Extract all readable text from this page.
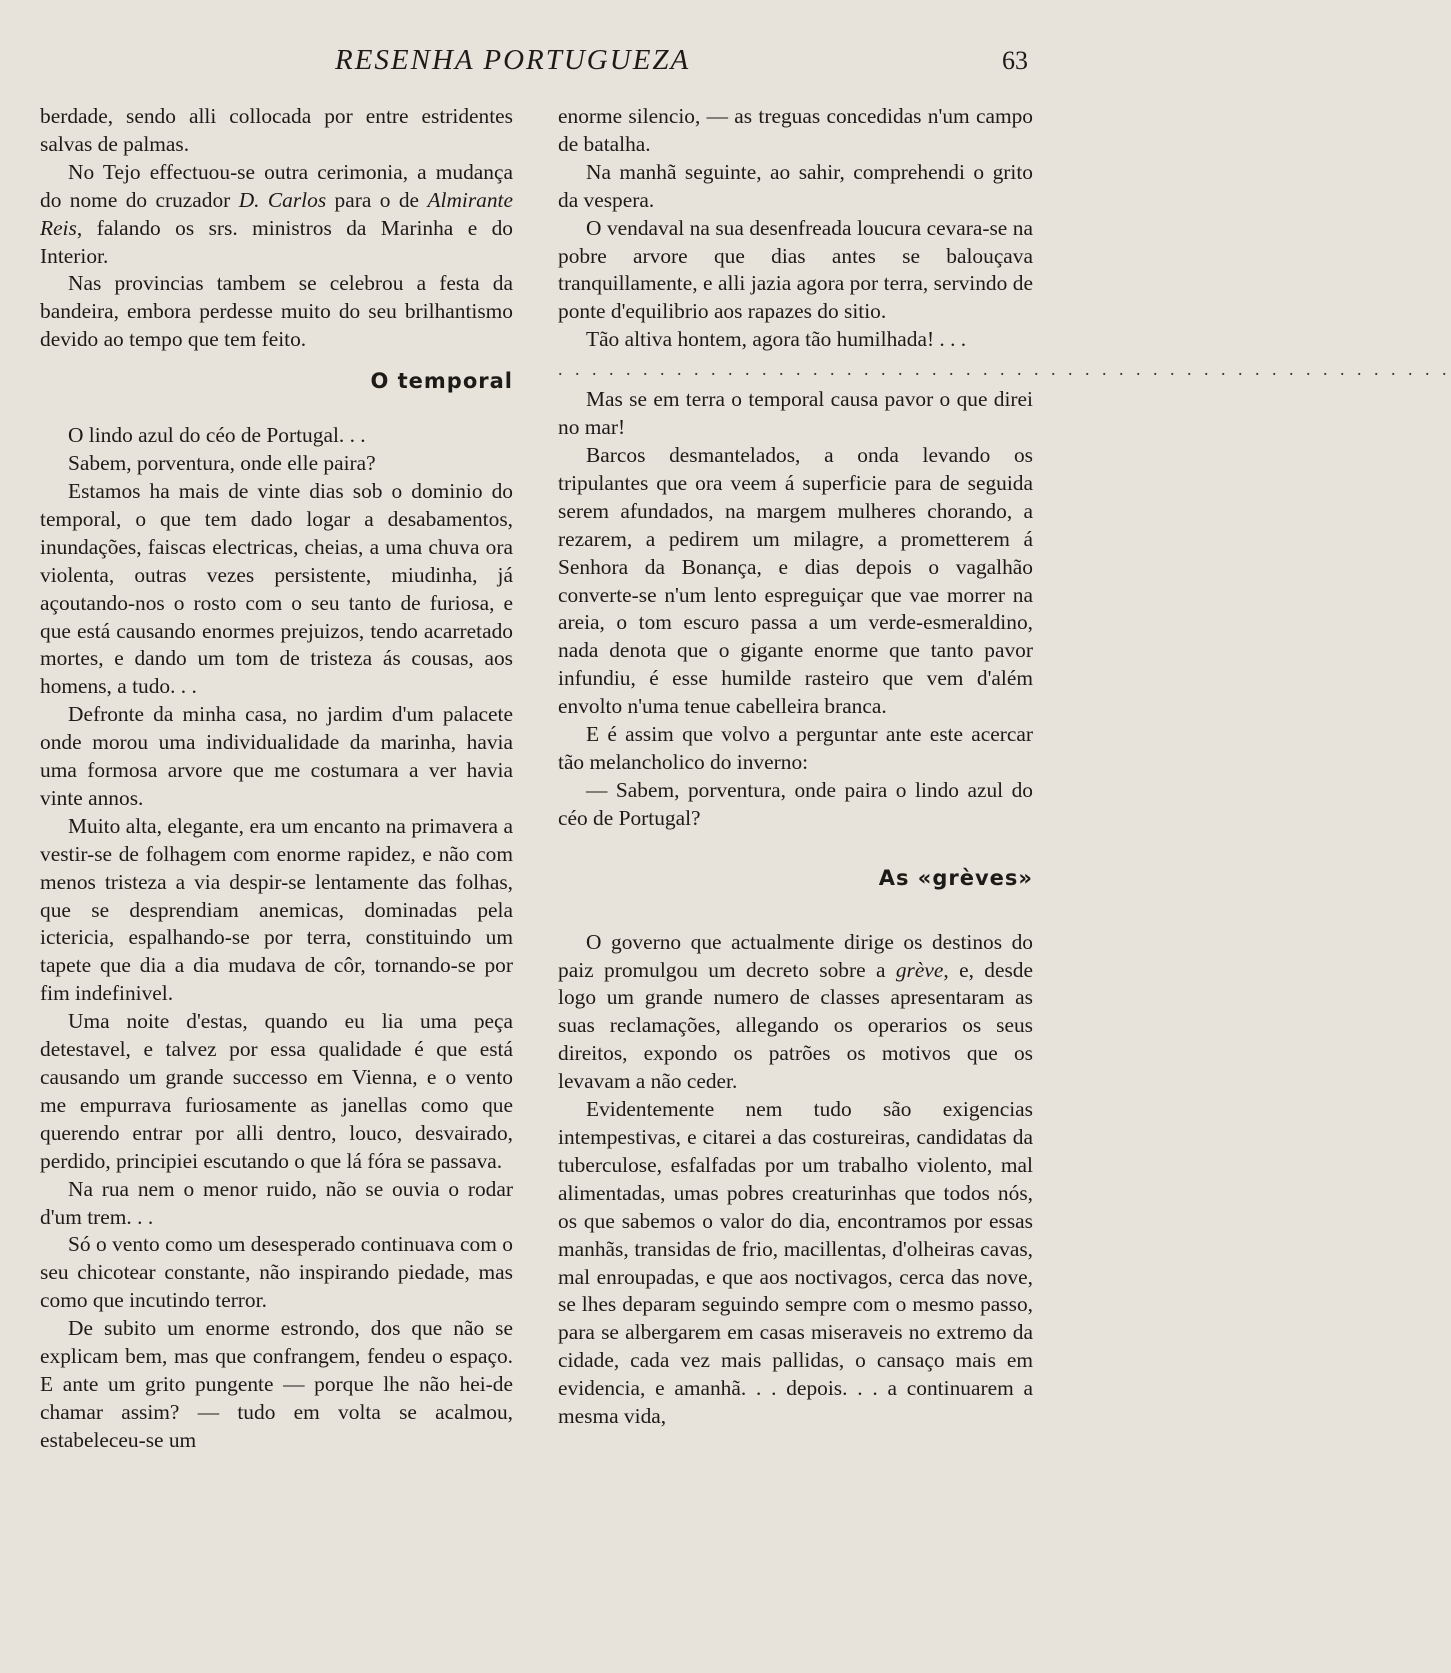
RESENHA PORTUGUEZA	63

berdade, sendo alli collocada por entre estridentes salvas de palmas.

No Tejo effectuou-se outra cerimonia, a mudança do nome do cruzador D. Carlos para o de Almirante Reis, falando os srs. ministros da Marinha e do Interior.

Nas provincias tambem se celebrou a festa da bandeira, embora perdesse muito do seu brilhantismo devido ao tempo que tem feito.

O temporal

O lindo azul do céo de Portugal. . .

Sabem, porventura, onde elle paira?

Estamos ha mais de vinte dias sob o dominio do temporal, o que tem dado logar a desabamentos, inundações, faiscas electricas, cheias, a uma chuva ora violenta, outras vezes persistente, miudinha, já açoutando-nos o rosto com o seu tanto de furiosa, e que está causando enormes prejuizos, tendo acarretado mortes, e dando um tom de tristeza ás cousas, aos homens, a tudo. . .

Defronte da minha casa, no jardim d'um palacete onde morou uma individualidade da marinha, havia uma formosa arvore que me costumara a ver havia vinte annos.

Muito alta, elegante, era um encanto na primavera a vestir-se de folhagem com enorme rapidez, e não com menos tristeza a via despir-se lentamente das folhas, que se desprendiam anemicas, dominadas pela ictericia, espalhando-se por terra, constituindo um tapete que dia a dia mudava de côr, tornando-se por fim indefinivel.

Uma noite d'estas, quando eu lia uma peça detestavel, e talvez por essa qualidade é que está causando um grande successo em Vienna, e o vento me empurrava furiosamente as janellas como que querendo entrar por alli dentro, louco, desvairado, perdido, principiei escutando o que lá fóra se passava.

Na rua nem o menor ruido, não se ouvia o rodar d'um trem. . .

Só o vento como um desesperado continuava com o seu chicotear constante, não inspirando piedade, mas como que incutindo terror.

De subito um enorme estrondo, dos que não se explicam bem, mas que confrangem, fendeu o espaço. E ante um grito pungente — porque lhe não hei-de chamar assim? — tudo em volta se acalmou, estabeleceu-se um

enorme silencio, — as treguas concedidas n'um campo de batalha.

Na manhã seguinte, ao sahir, comprehendi o grito da vespera.

O vendaval na sua desenfreada loucura cevara-se na pobre arvore que dias antes se balouçava tranquillamente, e alli jazia agora por terra, servindo de ponte d'equilibrio aos rapazes do sitio.

Tão altiva hontem, agora tão humilhada! . . .

. . . . . . . . . . . . . . . . . . . . . . . . . . . . . . . . . . . . . . . . . . . . . . . . . . . . .

Mas se em terra o temporal causa pavor o que direi no mar!

Barcos desmantelados, a onda levando os tripulantes que ora veem á superficie para de seguida serem afundados, na margem mulheres chorando, a rezarem, a pedirem um milagre, a prometterem á Senhora da Bonança, e dias depois o vagalhão converte-se n'um lento espreguiçar que vae morrer na areia, o tom escuro passa a um verde-esmeraldino, nada denota que o gigante enorme que tanto pavor infundiu, é esse humilde rasteiro que vem d'além envolto n'uma tenue cabelleira branca.

E é assim que volvo a perguntar ante este acercar tão melancholico do inverno:

— Sabem, porventura, onde paira o lindo azul do céo de Portugal?

As «grèves»

O governo que actualmente dirige os destinos do paiz promulgou um decreto sobre a grève, e, desde logo um grande numero de classes apresentaram as suas reclamações, allegando os operarios os seus direitos, expondo os patrões os motivos que os levavam a não ceder.

Evidentemente nem tudo são exigencias intempestivas, e citarei a das costureiras, candidatas da tuberculose, esfalfadas por um trabalho violento, mal alimentadas, umas pobres creaturinhas que todos nós, os que sabemos o valor do dia, encontramos por essas manhãs, transidas de frio, macillentas, d'olheiras cavas, mal enroupadas, e que aos noctivagos, cerca das nove, se lhes deparam seguindo sempre com o mesmo passo, para se albergarem em casas miseraveis no extremo da cidade, cada vez mais pallidas, o cansaço mais em evidencia, e amanhã. . . depois. . . a continuarem a mesma vida,
